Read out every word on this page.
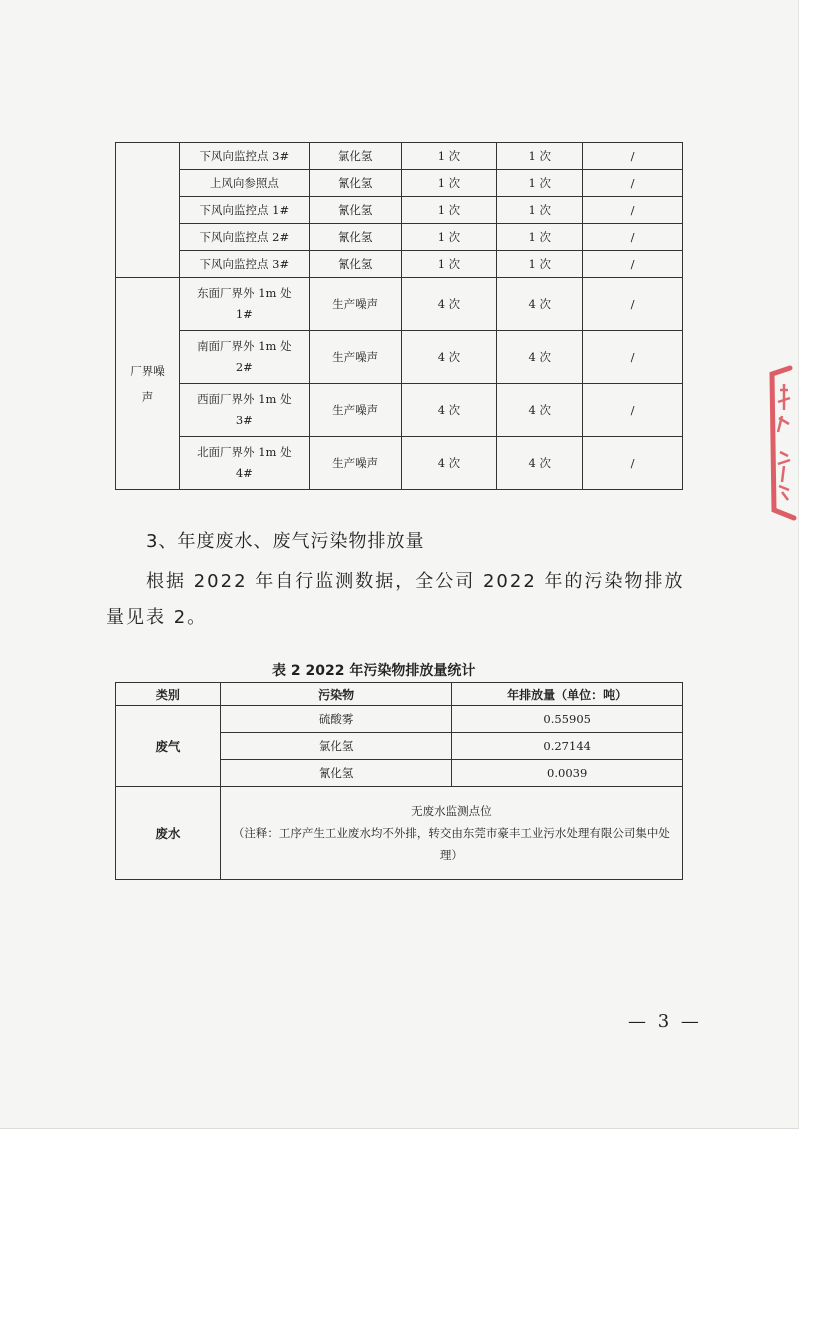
	下风向监控点 3#	氯化氢	1 次	1 次	/
	上风向参照点	氰化氢	1 次	1 次	/
	下风向监控点 1#	氰化氢	1 次	1 次	/
	下风向监控点 2#	氰化氢	1 次	1 次	/
	下风向监控点 3#	氰化氢	1 次	1 次	/
厂界噪声	东面厂界外 1m 处 1#	生产噪声	4 次	4 次	/
	南面厂界外 1m 处 2#	生产噪声	4 次	4 次	/
	西面厂界外 1m 处 3#	生产噪声	4 次	4 次	/
	北面厂界外 1m 处 4#	生产噪声	4 次	4 次	/
3、年度废水、废气污染物排放量

根据 2022 年自行监测数据，全公司 2022 年的污染物排放量见表 2。

表 2 2022 年污染物排放量统计

类别	污染物	年排放量（单位：吨）
废气	硫酸雾	0.55905
	氯化氢	0.27144
	氰化氢	0.0039
废水	无废水监测点位
（注释：工序产生工业废水均不外排，转交由东莞市豪丰工业污水处理有限公司集中处理）	
— 3 —
